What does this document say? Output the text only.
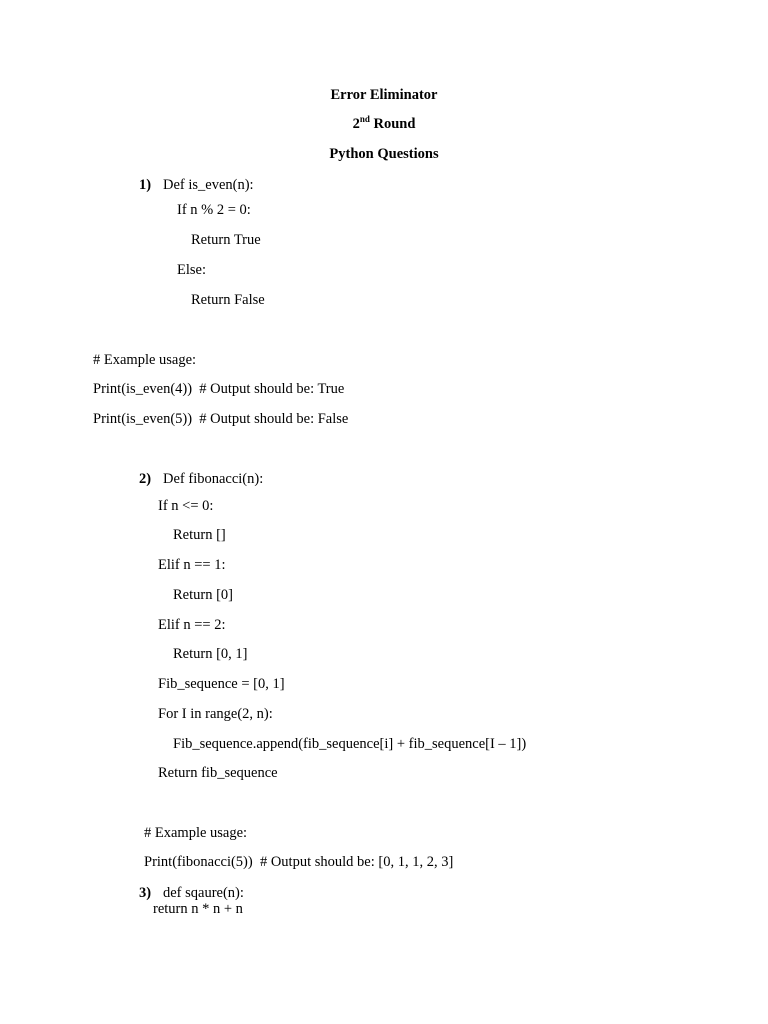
Error Eliminator
2nd Round
Python Questions
1) Def is_even(n):
If n % 2 = 0:
Return True
Else:
Return False
# Example usage:
Print(is_even(4))  # Output should be: True
Print(is_even(5))  # Output should be: False
2) Def fibonacci(n):
If n <= 0:
Return []
Elif n == 1:
Return [0]
Elif n == 2:
Return [0, 1]
Fib_sequence = [0, 1]
For I in range(2, n):
Fib_sequence.append(fib_sequence[i] + fib_sequence[I – 1])
Return fib_sequence
# Example usage:
Print(fibonacci(5))  # Output should be: [0, 1, 1, 2, 3]
3) def sqaure(n):
return n * n + n
